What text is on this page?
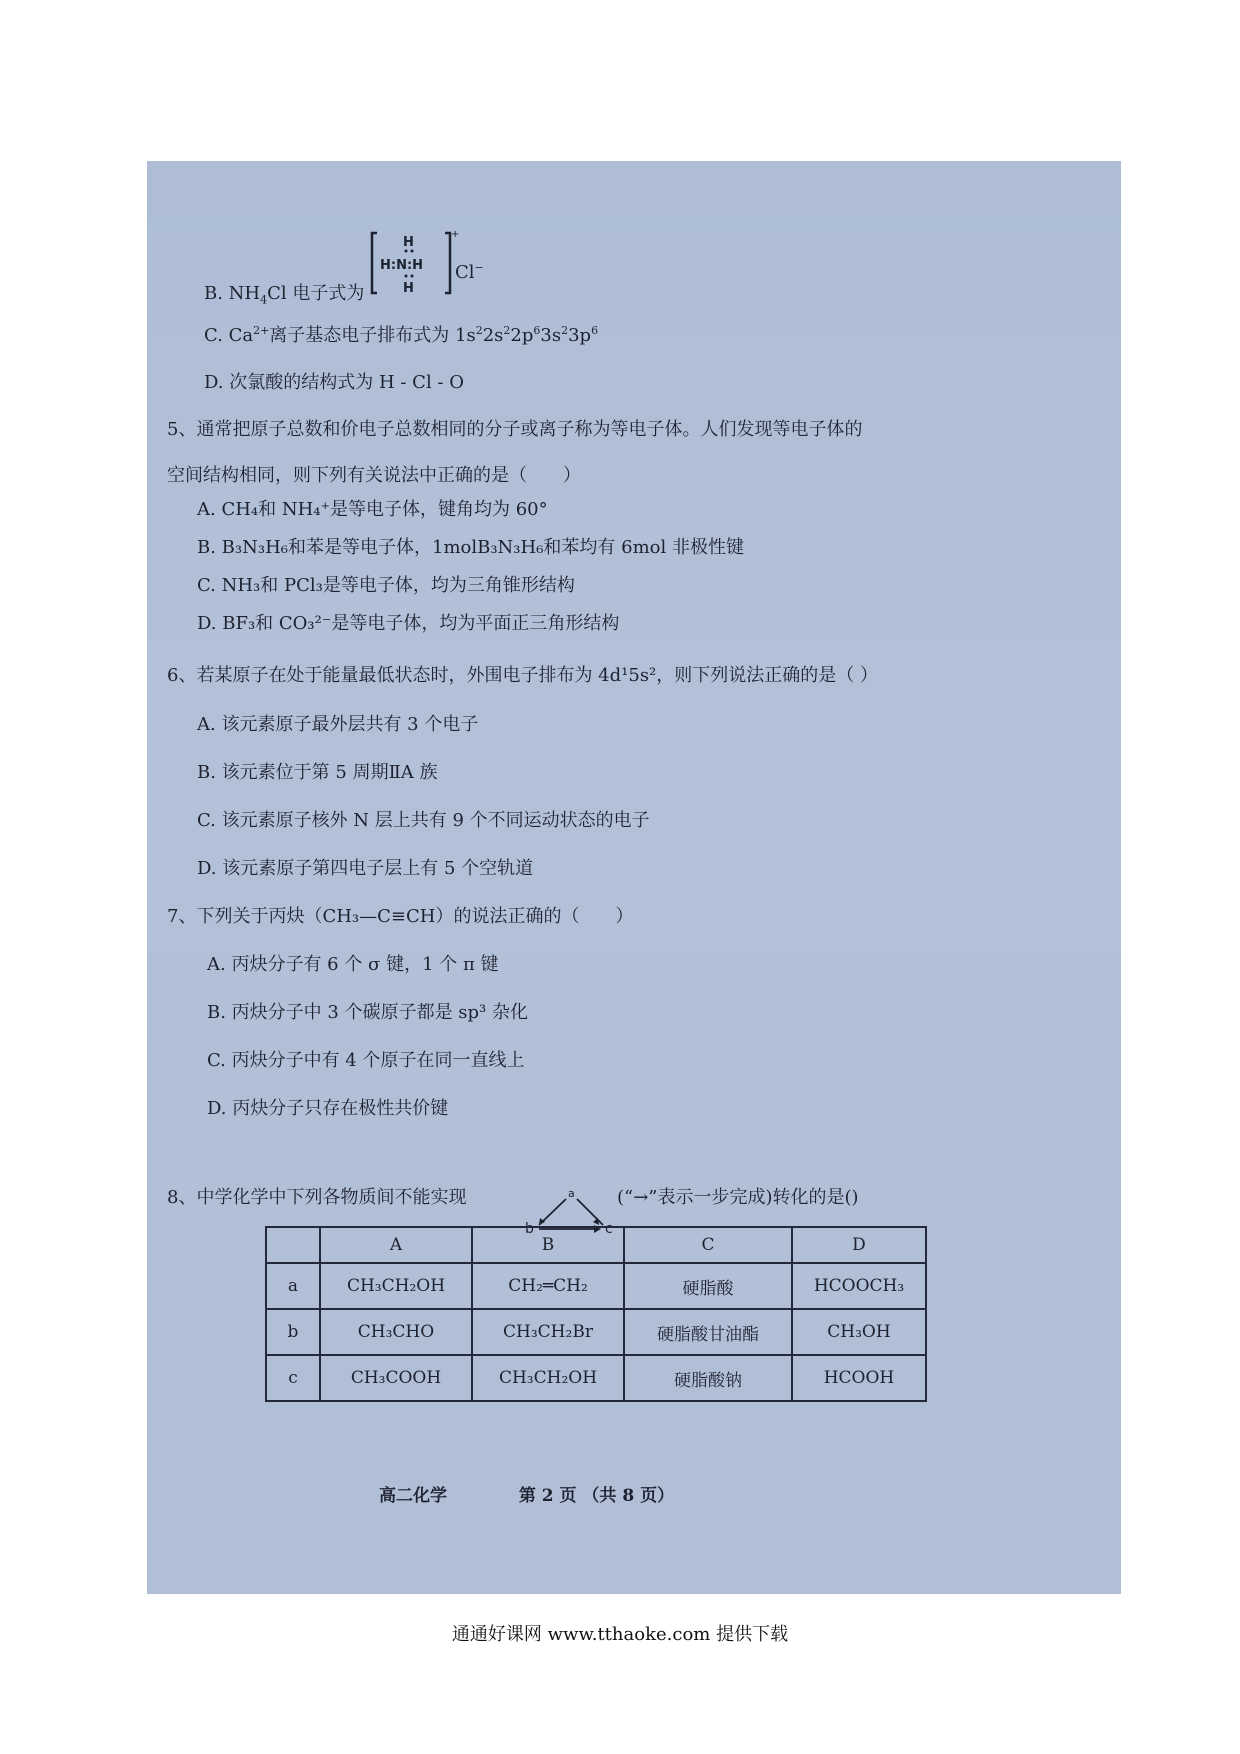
B. $NH_4Cl$ 电子式为
H
H:N:H
H
+
Cl−
C. $Ca^{2+}$离子基态电子排布式为 $1s^22s^22p^63s^23p^6$
D. 次氯酸的结构式为 H - Cl - O
5、通常把原子总数和价电子总数相同的分子或离子称为等电子体。人们发现等电子体的
空间结构相同，则下列有关说法中正确的是（　　）
A. CH₄和 NH₄⁺是等电子体，键角均为 60°
B. B₃N₃H₆和苯是等电子体，1molB₃N₃H₆和苯均有 6mol 非极性键
C. NH₃和 PCl₃是等电子体，均为三角锥形结构
D. BF₃和 CO₃²⁻是等电子体，均为平面正三角形结构
6、若某原子在处于能量最低状态时，外围电子排布为 4d¹5s²，则下列说法正确的是（ ）
A. 该元素原子最外层共有 3 个电子
B. 该元素位于第 5 周期ⅡA 族
C. 该元素原子核外 N 层上共有 9 个不同运动状态的电子
D. 该元素原子第四电子层上有 5 个空轨道
7、下列关于丙炔（CH₃—C≡CH）的说法正确的（　　）
A. 丙炔分子有 6 个 σ 键，1 个 π 键
B. 丙炔分子中 3 个碳原子都是 sp³ 杂化
C. 丙炔分子中有 4 个原子在同一直线上
D. 丙炔分子只存在极性共价键
8、中学化学中下列各物质间不能实现	a
b	c
(“→”表示一步完成)转化的是()
	A	B	C	D
a	CH₃CH₂OH	CH₂═CH₂	硬脂酸	HCOOCH₃
b	CH₃CHO	CH₃CH₂Br	硬脂酸甘油酯	CH₃OH
c	CH₃COOH	CH₃CH₂OH	硬脂酸钠	HCOOH
高二化学	第 2 页 （共 8 页）
通通好课网 www.tthaoke.com 提供下载
